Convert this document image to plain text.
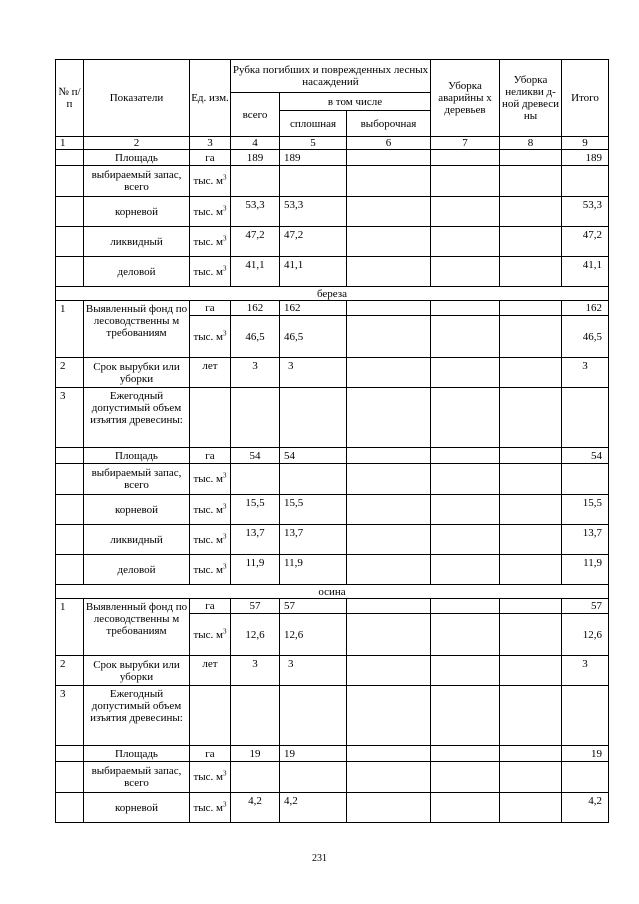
№ п/п	Показатели	Ед. изм.	Рубка погибших и поврежденных лесных насаждений			Уборка аварийны х деревьев	Уборка неликви д-ной древеси ны	Итого
			всего	в том числе				
				сплошная	выборочная			
1	2	3	4	5	6	7	8	9
	Площадь	га	189	189				189
	выбираемый запас, всего	тыс. $м^3$						
	корневой	тыс. $м^3$	53,3	53,3				53,3
	ликвидный	тыс. $м^3$	47,2	47,2				47,2
	деловой	тыс. $м^3$	41,1	41,1				41,1
береза								
1	Выявленный фонд по лесоводственны м требованиям	га	162	162				162
		тыс. $м^3$	46,5	46,5				46,5
2	Срок вырубки или уборки	лет	3	3				3
3	Ежегодный допустимый объем изъятия древесины:							
	Площадь	га	54	54				54
	выбираемый запас, всего	тыс. $м^3$						
	корневой	тыс. $м^3$	15,5	15,5				15,5
	ликвидный	тыс. $м^3$	13,7	13,7				13,7
	деловой	тыс. $м^3$	11,9	11,9				11,9
осина								
1	Выявленный фонд по лесоводственны м требованиям	га	57	57				57
		тыс. $м^3$	12,6	12,6				12,6
2	Срок вырубки или уборки	лет	3	3				3
3	Ежегодный допустимый объем изъятия древесины:							
	Площадь	га	19	19				19
	выбираемый запас, всего	тыс. $м^3$						
	корневой	тыс. $м^3$	4,2	4,2				4,2
231
